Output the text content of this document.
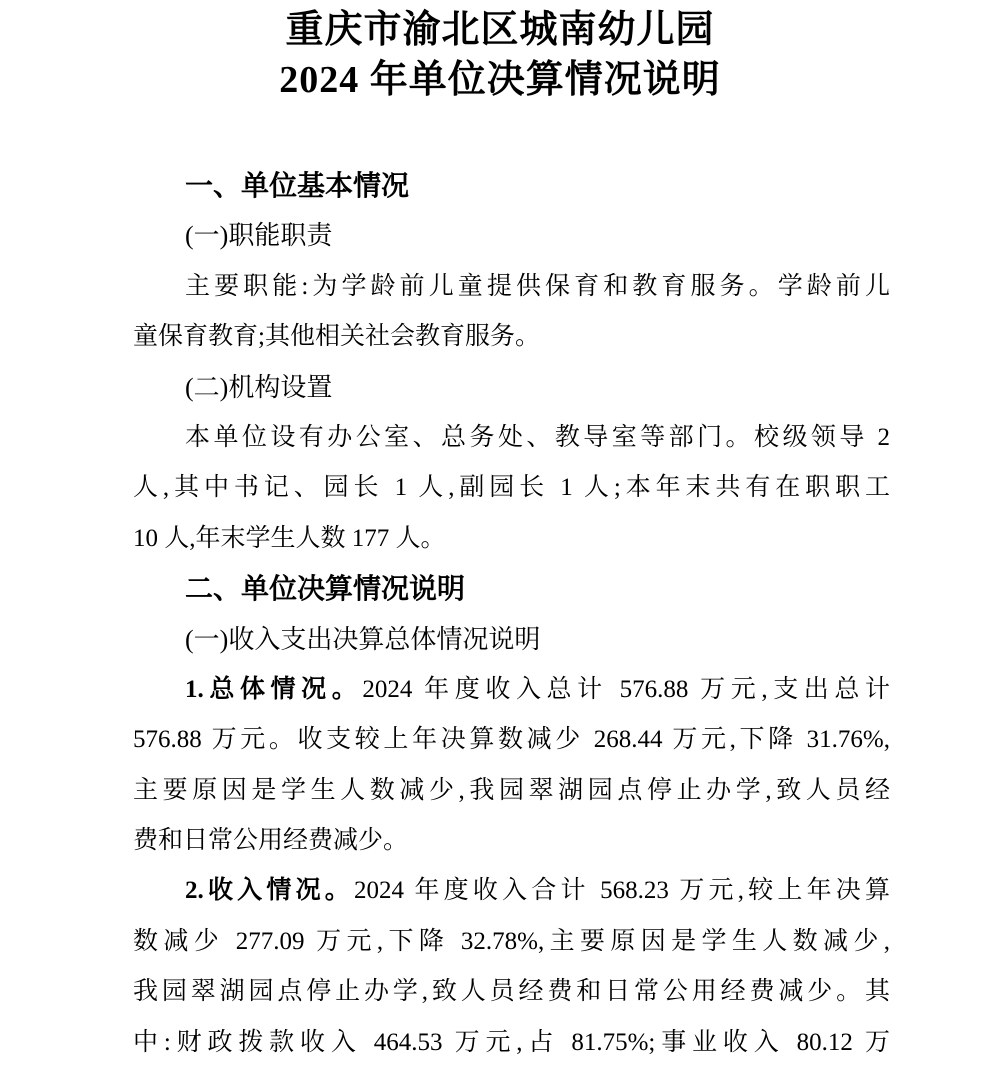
重庆市渝北区城南幼儿园
2024 年单位决算情况说明
一、单位基本情况
(一)职能职责
主要职能:为学龄前儿童提供保育和教育服务。学龄前儿
童保育教育;其他相关社会教育服务。
(二)机构设置
本单位设有办公室、总务处、教导室等部门。校级领导 2
人,其中书记、园长 1 人,副园长 1 人;本年末共有在职职工
10 人,年末学生人数 177 人。
二、单位决算情况说明
(一)收入支出决算总体情况说明
1.总体情况。2024 年度收入总计 576.88 万元,支出总计
576.88 万元。收支较上年决算数减少 268.44 万元,下降 31.76%,
主要原因是学生人数减少,我园翠湖园点停止办学,致人员经
费和日常公用经费减少。
2.收入情况。2024 年度收入合计 568.23 万元,较上年决算
数减少 277.09 万元,下降 32.78%,主要原因是学生人数减少,
我园翠湖园点停止办学,致人员经费和日常公用经费减少。其
中:财政拨款收入 464.53 万元,占 81.75%;事业收入 80.12 万
